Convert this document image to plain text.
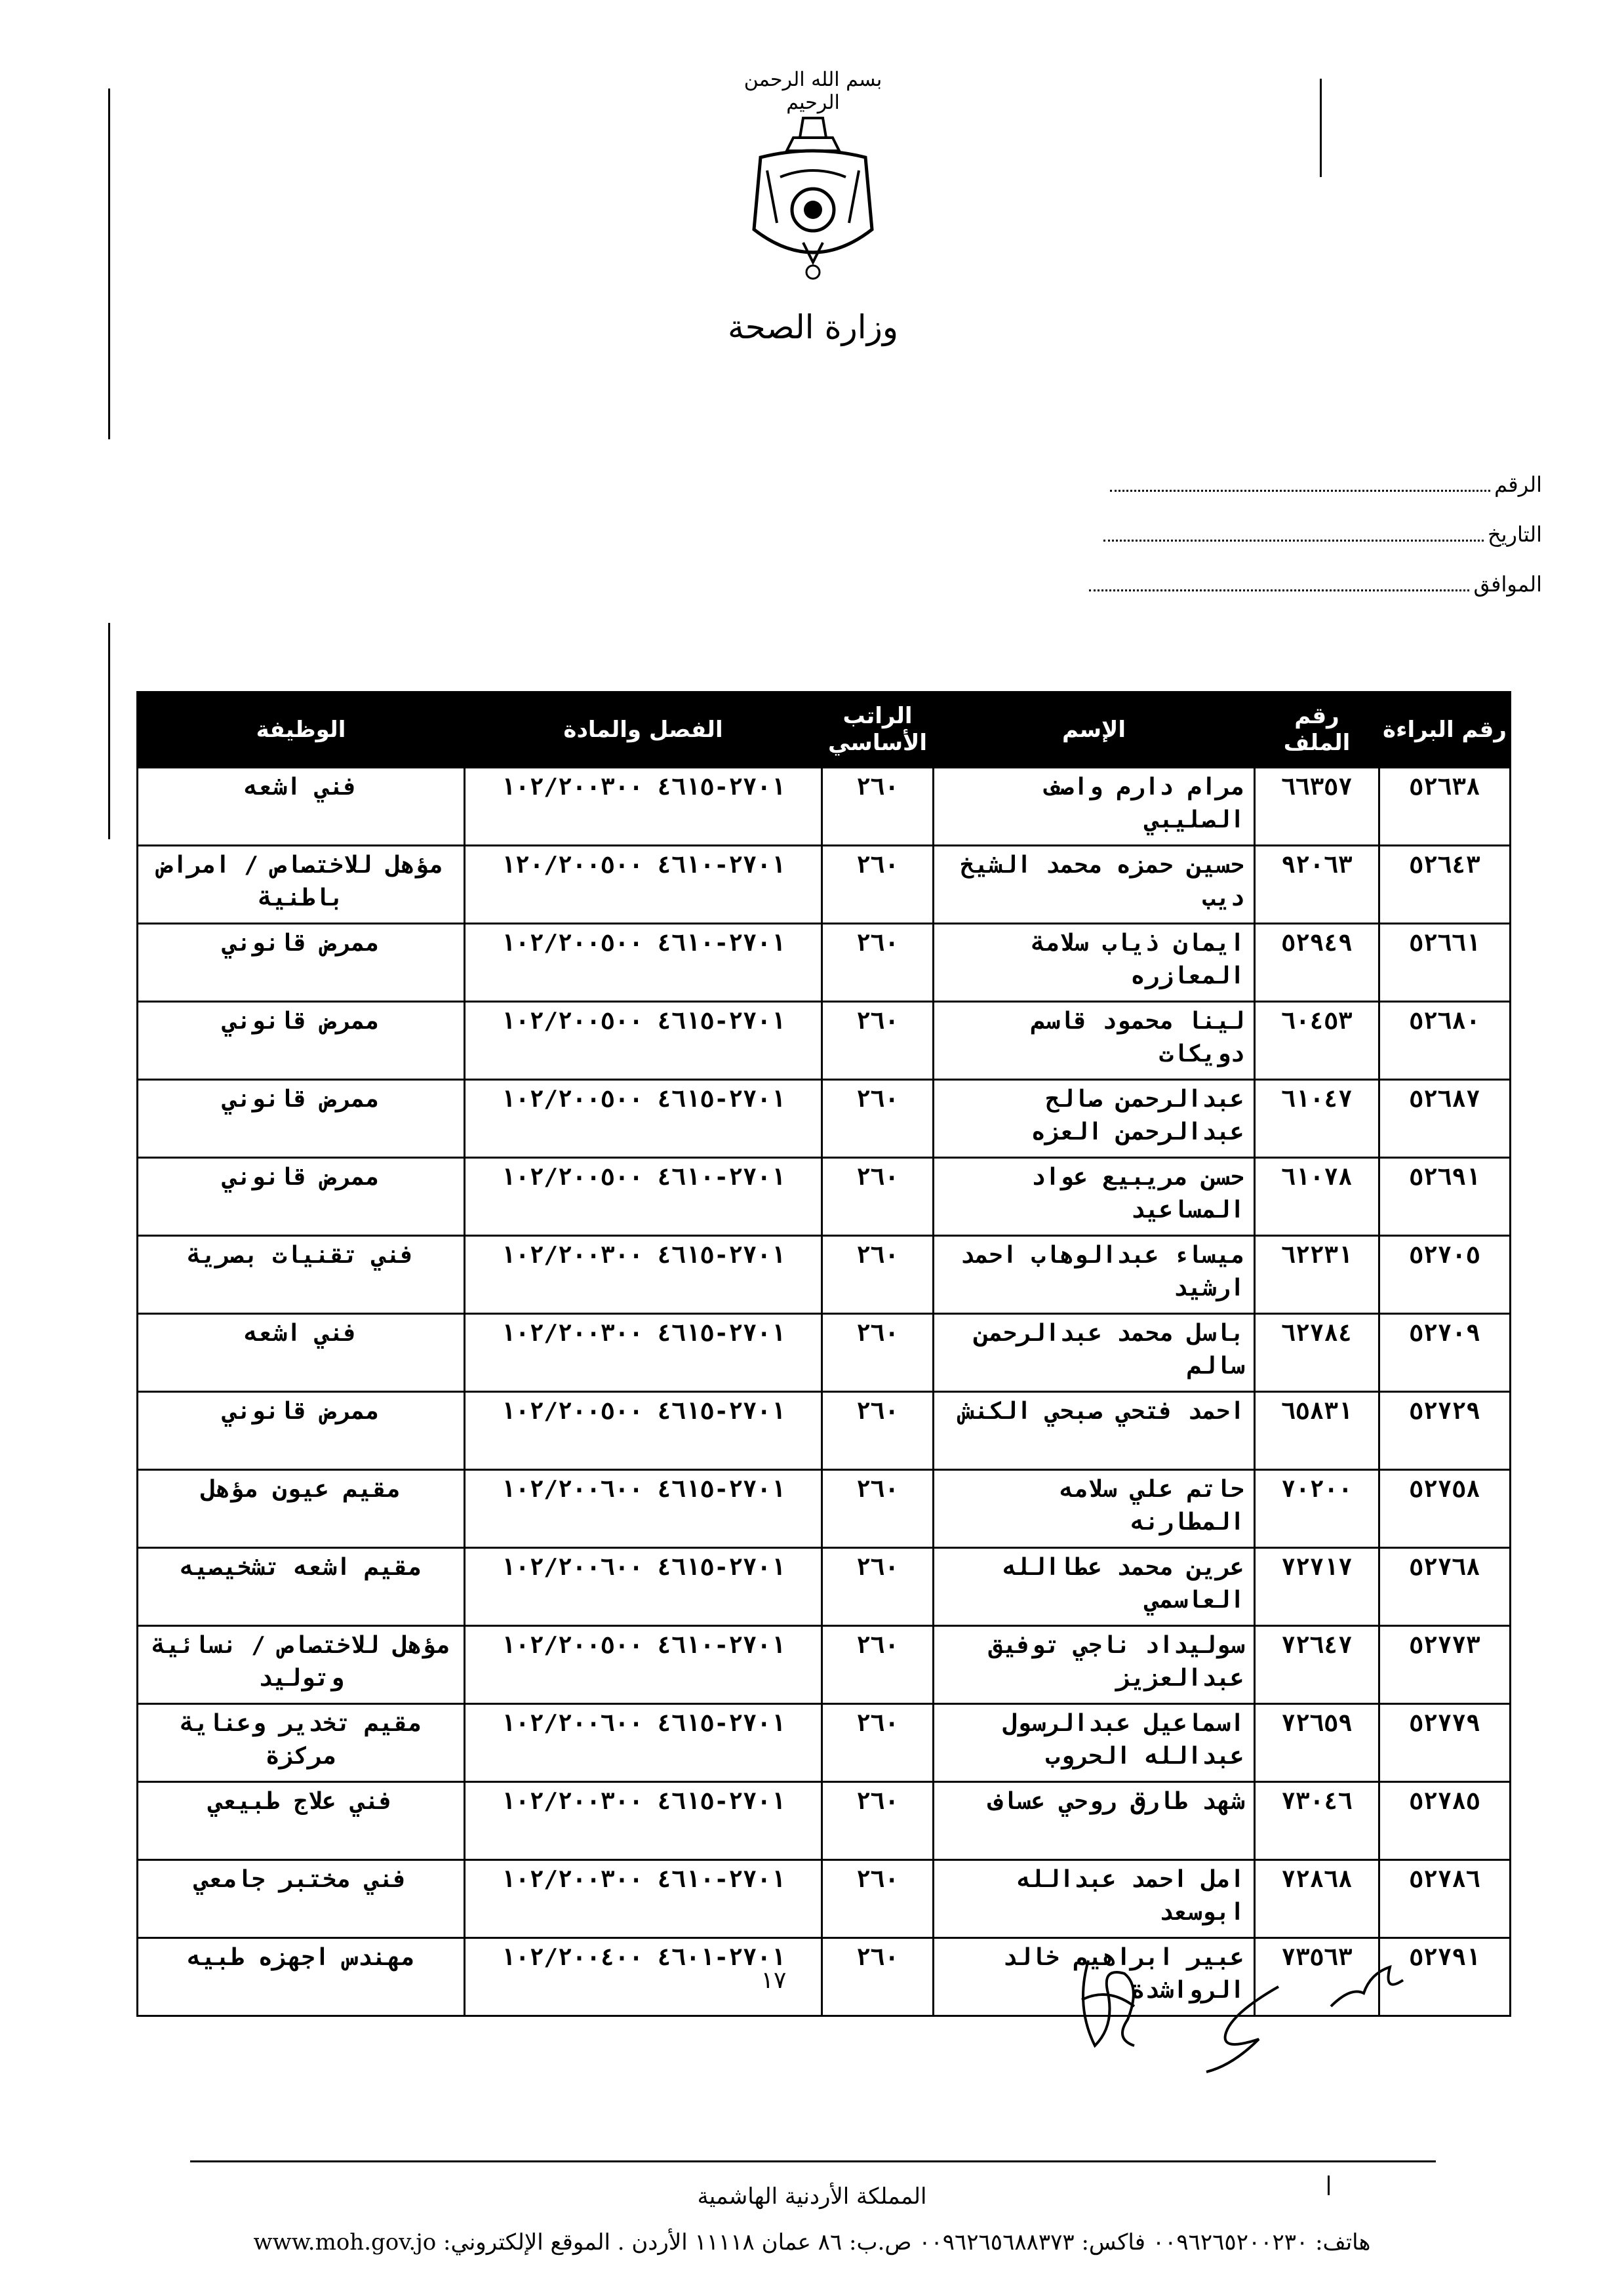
بسم الله الرحمن الرحيم
وزارة الصحة
الرقم
التاريخ
الموافق
رقم البراءة	رقم الملف	الإسم	الراتب الأساسي	الفصل والمادة	الوظيفة
٥٢٦٣٨	٦٦٣٥٧	مرام دارم واصف الصليبي	٢٦٠	٢٧٠١-٤٦١٥ ١٠٢/٢٠٠٣٠٠	فني اشعه
٥٢٦٤٣	٩٢٠٦٣	حسين حمزه محمد الشيخ ديب	٢٦٠	٢٧٠١-٤٦١٠ ١٢٠/٢٠٠٥٠٠	مؤهل للاختصاص / امراض باطنية
٥٢٦٦١	٥٢٩٤٩	ايمان ذياب سلامة المعازره	٢٦٠	٢٧٠١-٤٦١٠ ١٠٢/٢٠٠٥٠٠	ممرض قانوني
٥٢٦٨٠	٦٠٤٥٣	لينا محمود قاسم دويكات	٢٦٠	٢٧٠١-٤٦١٥ ١٠٢/٢٠٠٥٠٠	ممرض قانوني
٥٢٦٨٧	٦١٠٤٧	عبدالرحمن صالح عبدالرحمن العزه	٢٦٠	٢٧٠١-٤٦١٥ ١٠٢/٢٠٠٥٠٠	ممرض قانوني
٥٢٦٩١	٦١٠٧٨	حسن مريبيع عواد المساعيد	٢٦٠	٢٧٠١-٤٦١٠ ١٠٢/٢٠٠٥٠٠	ممرض قانوني
٥٢٧٠٥	٦٢٢٣١	ميساء عبدالوهاب احمد ارشيد	٢٦٠	٢٧٠١-٤٦١٥ ١٠٢/٢٠٠٣٠٠	فني تقنيات بصرية
٥٢٧٠٩	٦٢٧٨٤	باسل محمد عبدالرحمن سالم	٢٦٠	٢٧٠١-٤٦١٥ ١٠٢/٢٠٠٣٠٠	فني اشعه
٥٢٧٢٩	٦٥٨٣١	احمد فتحي صبحي الكنش	٢٦٠	٢٧٠١-٤٦١٥ ١٠٢/٢٠٠٥٠٠	ممرض قانوني
٥٢٧٥٨	٧٠٢٠٠	حاتم علي سلامه المطارنه	٢٦٠	٢٧٠١-٤٦١٥ ١٠٢/٢٠٠٦٠٠	مقيم عيون مؤهل
٥٢٧٦٨	٧٢٧١٧	عرين محمد عطاالله العاسمي	٢٦٠	٢٧٠١-٤٦١٥ ١٠٢/٢٠٠٦٠٠	مقيم اشعه تشخيصيه
٥٢٧٧٣	٧٢٦٤٧	سوليداد ناجي توفيق عبدالعزيز	٢٦٠	٢٧٠١-٤٦١٠ ١٠٢/٢٠٠٥٠٠	مؤهل للاختصاص / نسائية وتوليد
٥٢٧٧٩	٧٢٦٥٩	اسماعيل عبدالرسول عبدالله الحروب	٢٦٠	٢٧٠١-٤٦١٥ ١٠٢/٢٠٠٦٠٠	مقيم تخدير وعناية مركزة
٥٢٧٨٥	٧٣٠٤٦	شهد طارق روحي عساف	٢٦٠	٢٧٠١-٤٦١٥ ١٠٢/٢٠٠٣٠٠	فني علاج طبيعي
٥٢٧٨٦	٧٢٨٦٨	امل احمد عبدالله ابوسعد	٢٦٠	٢٧٠١-٤٦١٠ ١٠٢/٢٠٠٣٠٠	فني مختبر جامعي
٥٢٧٩١	٧٣٥٦٣	عبير ابراهيم خالد الرواشدة	٢٦٠	٢٧٠١-٤٦٠١ ١٠٢/٢٠٠٤٠٠	مهندس اجهزه طبيه
١٧
المملكة الأردنية الهاشمية
هاتف: ٠٠٩٦٢٦٥٢٠٠٢٣٠ فاكس: ٠٠٩٦٢٦٥٦٨٨٣٧٣ ص.ب: ٨٦ عمان ١١١١٨ الأردن . الموقع الإلكتروني: www.moh.gov.jo
